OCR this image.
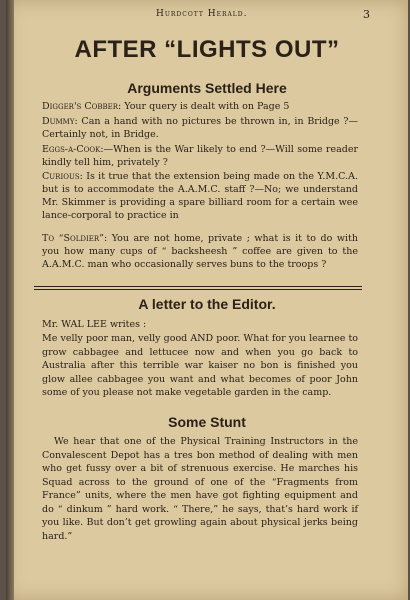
Hurdcott Herald.	3
AFTER “LIGHTS OUT”
Arguments Settled Here
Digger's Cobber: Your query is dealt with on Page 5
Dummy: Can a hand with no pictures be thrown in, in Bridge ?—Certainly not, in Bridge.
Eggs-a-Cook:—When is the War likely to end ?—Will some reader kindly tell him, privately ?
Curious: Is it true that the extension being made on the Y.M.C.A. but is to accommodate the A.A.M.C. staff ?—No; we understand Mr. Skimmer is providing a spare billiard room for a certain wee lance-corporal to practice in
To “Soldier”: You are not home, private ; what is it to do with you how many cups of “ backsheesh ” coffee are given to the A.A.M.C. man who occasionally serves buns to the troops ?
A letter to the Editor.
Mr. WAL LEE writes :
Me velly poor man, velly good AND poor. What for you learnee to grow cabbagee and lettucee now and when you go back to Australia after this terrible war kaiser no bon is finished you glow allee cabbagee you want and what becomes of poor John some of you please not make vegetable garden in the camp.
Some Stunt
We hear that one of the Physical Training Instructors in the Convalescent Depot has a tres bon method of dealing with men who get fussy over a bit of strenuous exercise. He marches his Squad across to the ground of one of the “Fragments from France” units, where the men have got fighting equipment and do “ dinkum ” hard work. “ There,” he says, that’s hard work if you like. But don’t get growling again about physical jerks being hard.”
